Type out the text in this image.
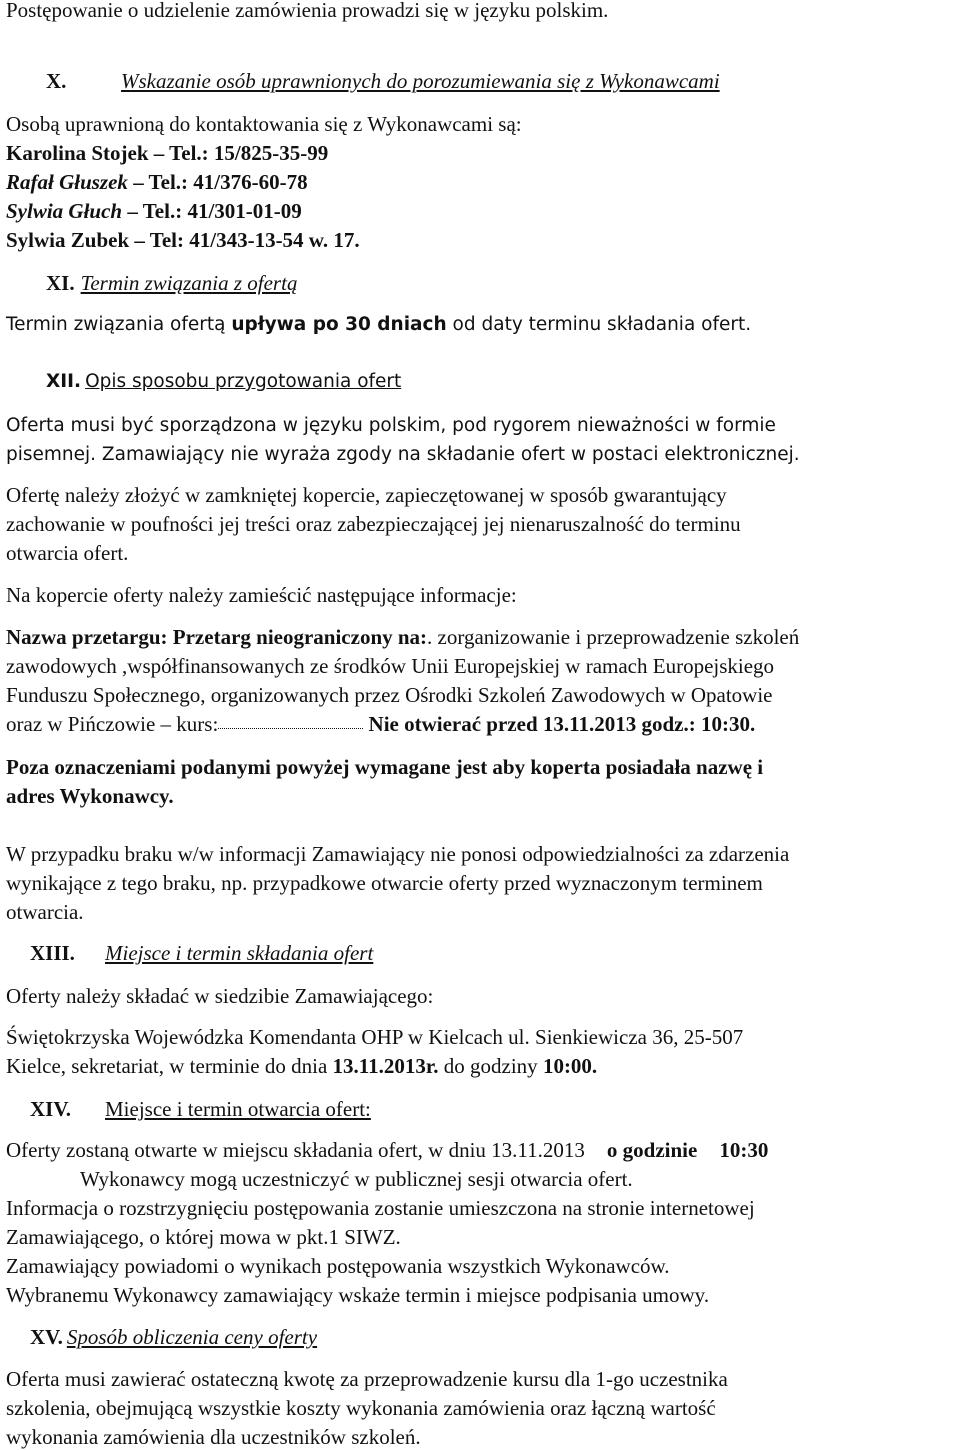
Postępowanie o udzielenie zamówienia prowadzi się w języku polskim.
X.	Wskazanie osób uprawnionych do porozumiewania się z Wykonawcami
Osobą uprawnioną do kontaktowania się z Wykonawcami są:
Karolina Stojek – Tel.: 15/825-35-99
Rafał Głuszek – Tel.: 41/376-60-78
Sylwia Głuch – Tel.: 41/301-01-09
Sylwia Zubek – Tel: 41/343-13-54 w. 17.
XI. Termin związania z ofertą
Termin związania ofertą upływa po 30 dniach od daty terminu składania ofert.
XII. Opis sposobu przygotowania ofert
Oferta musi być sporządzona w języku polskim, pod rygorem nieważności w formie
pisemnej. Zamawiający nie wyraża zgody na składanie ofert w postaci elektronicznej.
Ofertę należy złożyć w zamkniętej kopercie, zapieczętowanej w sposób gwarantujący
zachowanie w poufności jej treści oraz zabezpieczającej jej nienaruszalność do terminu
otwarcia ofert.
Na kopercie oferty należy zamieścić następujące informacje:
Nazwa przetargu: Przetarg nieograniczony na:. zorganizowanie i przeprowadzenie szkoleń
zawodowych ,współfinansowanych ze środków Unii Europejskiej w ramach Europejskiego
Funduszu Społecznego, organizowanych przez Ośrodki Szkoleń Zawodowych w Opatowie
oraz w Pińczowie – kurs:	Nie otwierać przed 13.11.2013 godz.: 10:30.
Poza oznaczeniami podanymi powyżej wymagane jest aby koperta posiadała nazwę i
adres Wykonawcy.
W przypadku braku w/w informacji Zamawiający nie ponosi odpowiedzialności za zdarzenia
wynikające z tego braku, np. przypadkowe otwarcie oferty przed wyznaczonym terminem
otwarcia.
XIII. Miejsce i termin składania ofert
Oferty należy składać w siedzibie Zamawiającego:
Świętokrzyska Wojewódzka Komendanta OHP w Kielcach ul. Sienkiewicza 36, 25-507
Kielce, sekretariat, w terminie do dnia 13.11.2013r. do godziny 10:00.
XIV. Miejsce i termin otwarcia ofert:
Oferty zostaną otwarte w miejscu składania ofert, w dniu 13.11.2013 o godzinie 10:30
Wykonawcy mogą uczestniczyć w publicznej sesji otwarcia ofert.
Informacja o rozstrzygnięciu postępowania zostanie umieszczona na stronie internetowej
Zamawiającego, o której mowa w pkt.1 SIWZ.
Zamawiający powiadomi o wynikach postępowania wszystkich Wykonawców.
Wybranemu Wykonawcy zamawiający wskaże termin i miejsce podpisania umowy.
XV. Sposób obliczenia ceny oferty
Oferta musi zawierać ostateczną kwotę za przeprowadzenie kursu dla 1-go uczestnika
szkolenia, obejmującą wszystkie koszty wykonania zamówienia oraz łączną wartość
wykonania zamówienia dla uczestników szkoleń.
